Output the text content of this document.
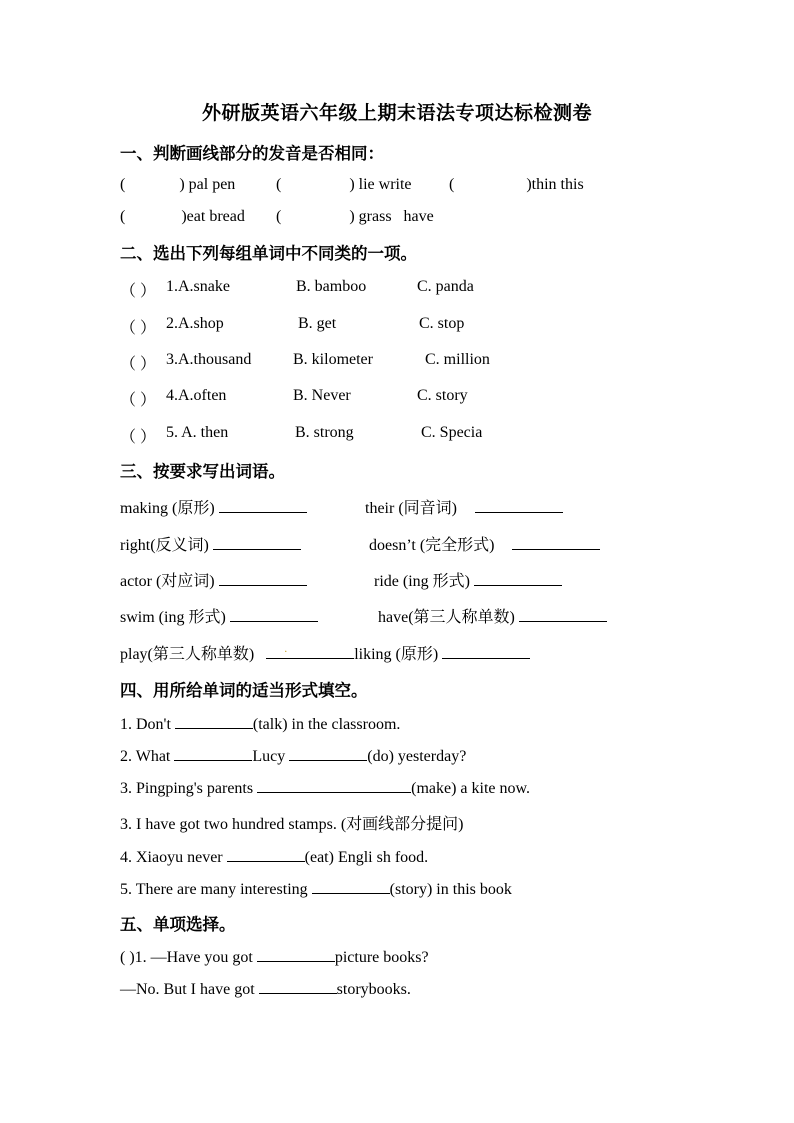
外研版英语六年级上期末语法专项达标检测卷
一、判断画线部分的发音是否相同：
(	) pal pen	(	) lie write (	)thin this
(	)eat bread (	) grass have
二、选出下列每组单词中不同类的一项。
（ ） 1.A.snake	B. bamboo	C. panda
（ ） 2.A.shop	B. get	C. stop
（ ） 3.A.thousand	B. kilometer	C. million
（ ） 4.A.often	B. Never	C. story
（ ） 5. A. then	B. strong	C. Specia
三、按要求写出词语。
making (原形)	their (同音词)
right(反义词)	doesn’t (完全形式)
actor (对应词)	ride (ing 形式)
swim (ing 形式)	have(第三人称单数)
play(第三人称单数)	.	liking (原形)
四、用所给单词的适当形式填空。
1. Don't	(talk) in the classroom.
2. What	Lucy	(do) yesterday?
3. Pingping's parents	(make) a kite now.
3. I have got two hundred stamps. (对画线部分提问)
4. Xiaoyu never	(eat) Engli sh food.
5. There are many interesting	(story) in this book
五、单项选择。
( )1. —Have you got	picture books?
—No. But I have got	storybooks.
